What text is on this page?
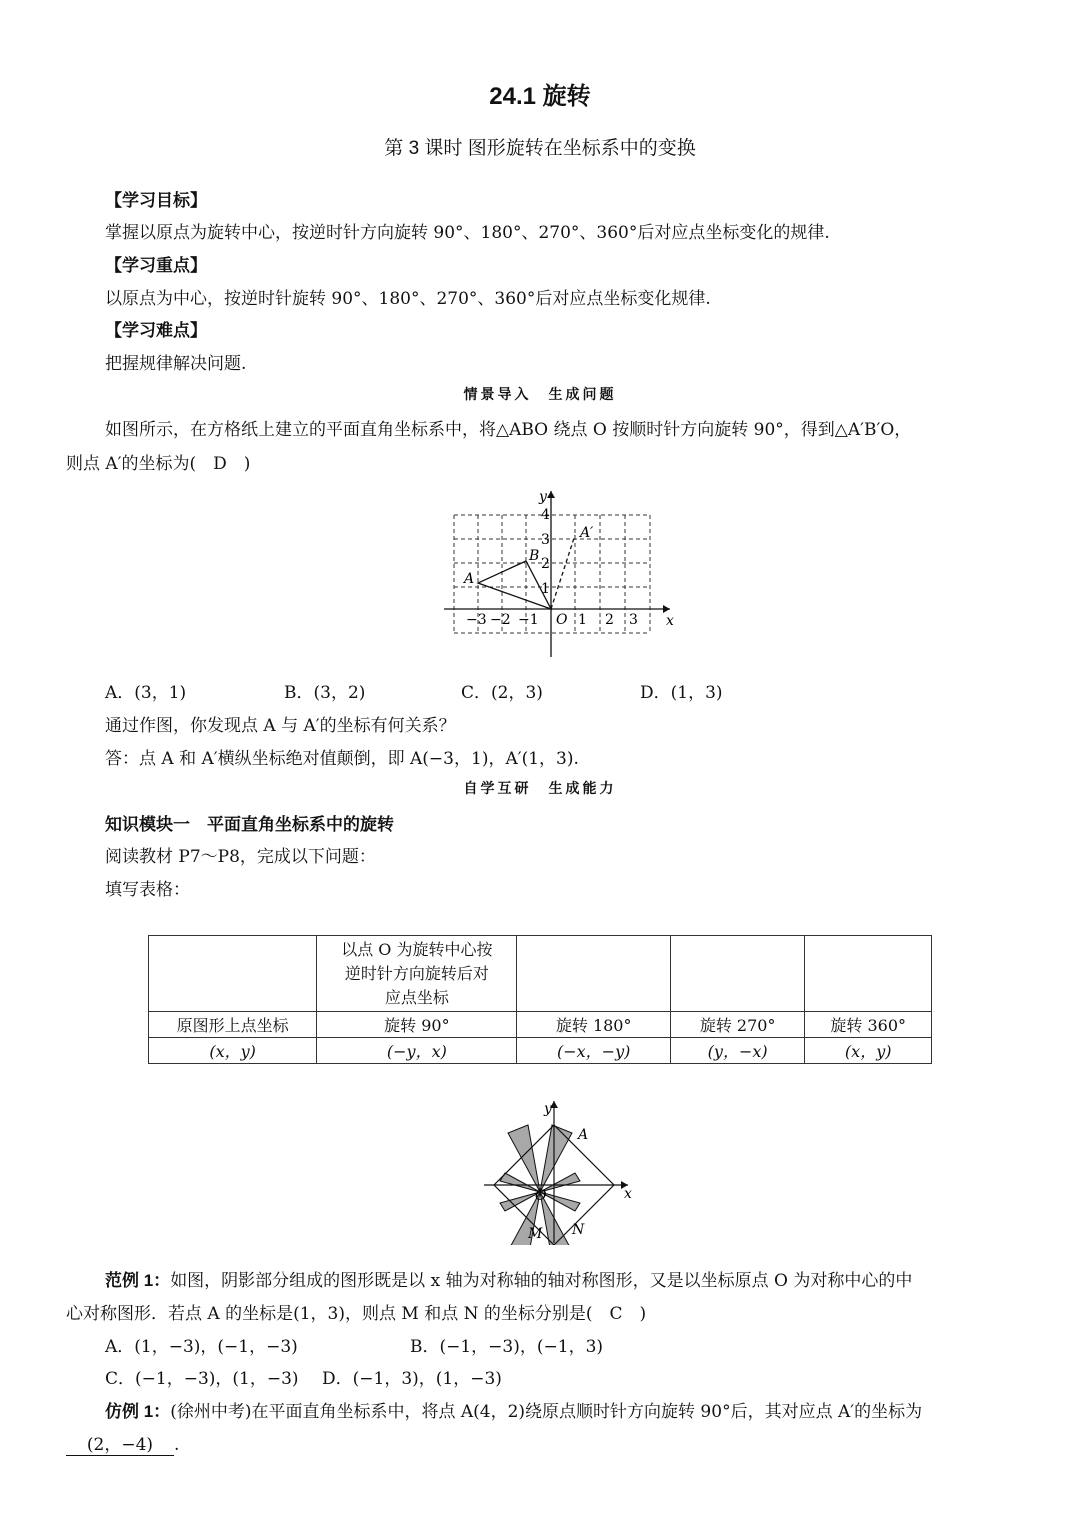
24.1 旋转
第 3 课时 图形旋转在坐标系中的变换
【学习目标】
掌握以原点为旋转中心，按逆时针方向旋转 90°、180°、270°、360°后对应点坐标变化的规律.
【学习重点】
以原点为中心，按逆时针旋转 90°、180°、270°、360°后对应点坐标变化规律.
【学习难点】
把握规律解决问题.
情景导入　生成问题
如图所示，在方格纸上建立的平面直角坐标系中，将△ABO 绕点 O 按顺时针方向旋转 90°，得到△A′B′O，
则点 A′的坐标为(　D　)
x
y
−3 −2 −1	1 2 3
1
2
3
4
O
A
B
A′
A．(3，1)	B．(3，2)	C．(2，3)	D．(1，3)
通过作图，你发现点 A 与 A′的坐标有何关系？
答：点 A 和 A′横纵坐标绝对值颠倒，即 A(−3，1)，A′(1，3).
自学互研　生成能力
知识模块一　平面直角坐标系中的旋转
阅读教材 P7～P8，完成以下问题：
填写表格：

	以点 O 为旋转中心按
逆时针方向旋转后对
应点坐标			

原图形上点坐标	旋转 90°	旋转 180°	旋转 270°	旋转 360°
(x，y)	(−y，x)	(−x，−y)	(y，−x)	(x，y)
x
y
O
A
M N
范例 1：如图，阴影部分组成的图形既是以 x 轴为对称轴的轴对称图形，又是以坐标原点 O 为对称中心的中
心对称图形．若点 A 的坐标是(1，3)，则点 M 和点 N 的坐标分别是(　C　)
A．(1，−3)，(−1，−3)	B．(−1，−3)，(−1，3)
C．(−1，−3)，(1，−3) D．(−1，3)，(1，−3)
仿例 1：(徐州中考)在平面直角坐标系中，将点 A(4，2)绕原点顺时针方向旋转 90°后，其对应点 A′的坐标为
(2，−4) .
